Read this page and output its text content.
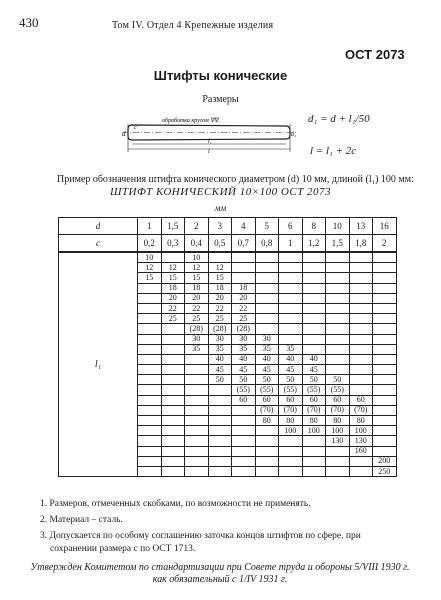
430	Том IV. Отдел 4 Крепежные изделия
ОСТ 2073
Штифты конические
Размеры
обработка кругом ∇∇
c
d	d₁
l₁
l
d₁ = d + l₁/50
l = l₁ + 2c
Пример обозначения штифта конического диаметром (d) 10 мм, длиной (l₁) 100 мм:
ШТИФТ КОНИЧЕСКИЙ 10×100 ОСТ 2073
мм
d	1	1,5	2	3	4	5	6	8	10	13	16
c	0,2	0,3	0,4	0,5	0,7	0,8	1	1,2	1,5	1,8	2
l₁	10		10								
	12	12	12	12							
	15	15	15	15							
		18	18	18	18						
		20	20	20	20						
		22	22	22	22						
		25	25	25	25						
			(28)	(28)	(28)						
			30	30	30	30					
			35	35	35	35	35				
				40	40	40	40	40			
				45	45	45	45	45			
				50	50	50	50	50	50		
					(55)	(55)	(55)	(55)	(55)		
					60	60	60	60	60	60	
						(70)	(70)	(70)	(70)	(70)	
						80	80	80	80	80	
							100	100	100	100	
									130	130	
										160	
											200
											250
1. Размеров, отмеченных скобками, по возможности не применять.
2. Материал – сталь.
3. Допускается по особому соглашению заточка концов штифтов по сфере, при сохранении размера c по ОСТ 1713.
Утвержден Комитетом по стандартизации при Совете труда и обороны 5/VIII 1930 г. как обязательный с 1/IV 1931 г.
